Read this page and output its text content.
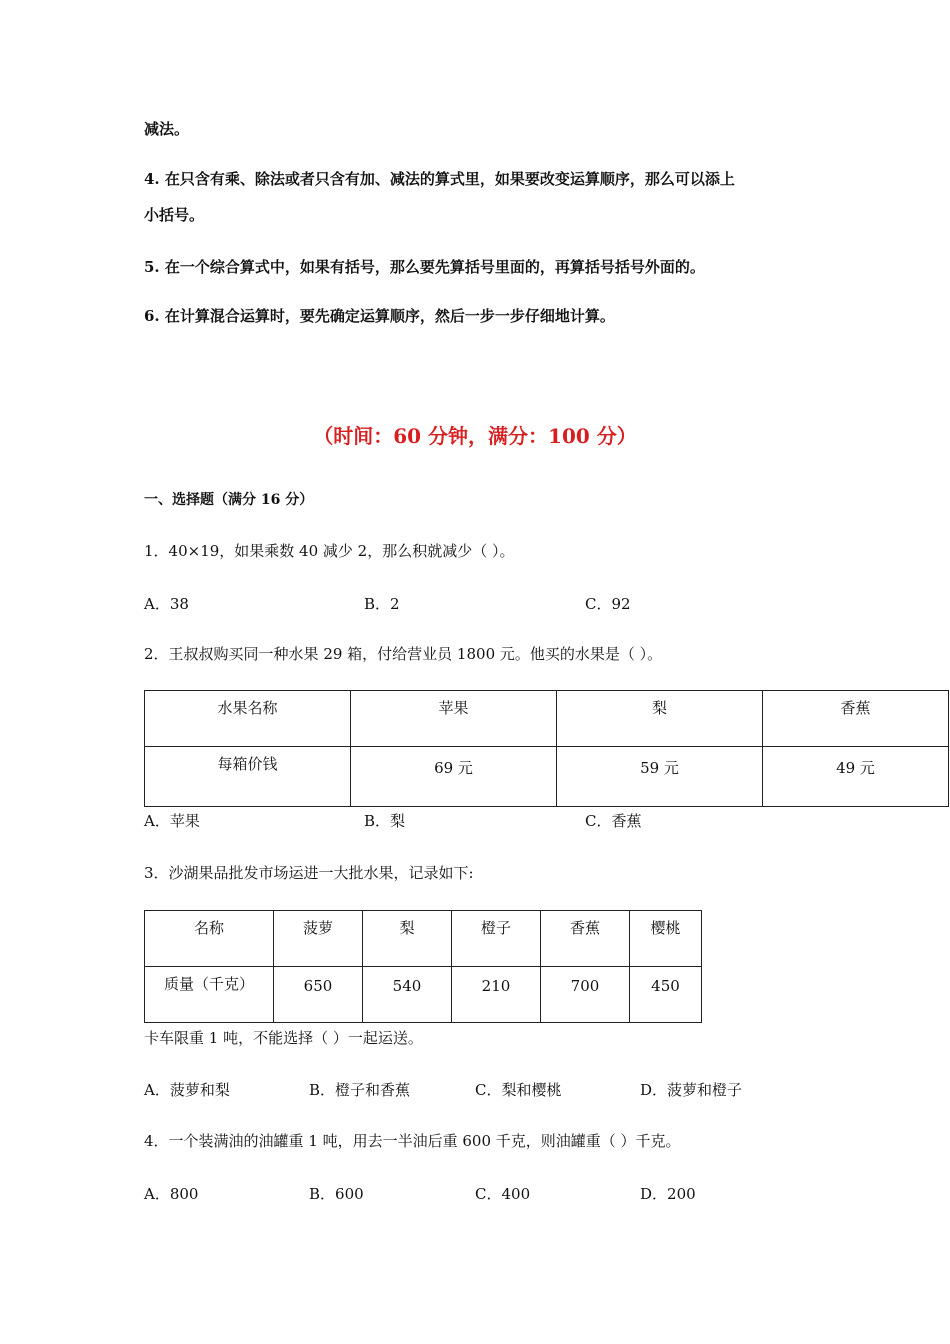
减法。
4. 在只含有乘、除法或者只含有加、减法的算式里，如果要改变运算顺序，那么可以添上
小括号。
5. 在一个综合算式中，如果有括号，那么要先算括号里面的，再算括号括号外面的。
6. 在计算混合运算时，要先确定运算顺序，然后一步一步仔细地计算。
（时间：60 分钟，满分：100 分）
一、选择题（满分 16 分）
1．40×19，如果乘数 40 减少 2，那么积就减少（ ）。
A．38	B．2	C．92
2．王叔叔购买同一种水果 29 箱，付给营业员 1800 元。他买的水果是（ ）。
水果名称	苹果	梨	香蕉
每箱价钱	69 元	59 元	49 元
A．苹果	B．梨	C．香蕉
3．沙湖果品批发市场运进一大批水果，记录如下:
名称	菠萝	梨	橙子	香蕉	樱桃
质量（千克）	650	540	210	700	450
卡车限重 1 吨，不能选择（ ）一起运送。
A．菠萝和梨	B．橙子和香蕉	C．梨和樱桃	D．菠萝和橙子
4．一个装满油的油罐重 1 吨，用去一半油后重 600 千克，则油罐重（ ）千克。
A．800	B．600	C．400	D．200
